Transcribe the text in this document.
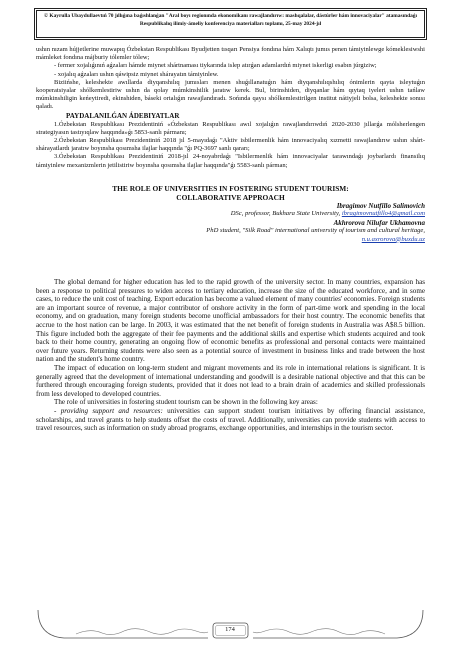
© Kayrulla Ubaydullaevtıń 70 jıllıǵına baǵıshlanǵan "Aral boyı regionında ekonomikanı rawajlandırıw: mashqalalar, dástúrler hám innovaciyalar" atamasındaǵı Respublikalıq ilimiy-ámeliy konferenciya materialları toplamı, 25-may 2024-jıl

ushın nızam hújjetlerine muwapıq Ózbekstan Respublikası Byudjetten tısqarı Pensiya fondına hám Xalıqtı jumıs penen támiyinlewge kómeklesiwshi mámleket fondına májburiy tólemler tólew;

- fermer xojalıǵınıń aǵzaları hámde miynet shártnaması tiykarında islep atırǵan adamlardıń miynet iskerligi esabın júrgiziw;

- xojalıq aǵzaları ushın qáwipsiz miynet shárayatın támiyinlew.

Biziińshe, keleshekte awıllarda diyqanshılıq jumısları menen shuǵıllanatuǵın hám diyqanshılıqshılıq ónimlerin qayta isleytuǵın kooperatsiyalar shólkemlestiriw ushın da qolay múmkinshilik jaratıw kerek. Bul, birinshiden, diyqanlar hám qıytaq iyeleri ushın tańlaw múmkinshiligin keńeytiredi, ekinshiden, báseki ortalıǵın rawajlandıradı. Sońında qaysı shólkemlestirilgen institut nátiyjeli bolsa, keleshekte sonısı qaladı.

PAYDALANILǴAN ÁDEBIYATLAR

1.Ózbekstan Respublikası Prezidentiniń «Ózbekstan Respublikası awıl xojalıǵın rawajlandırıwdıń 2020-2030 jıllarǵa mólsherlengen strategiyasın tastıyıqlaw haqqında»ǵı 5853-sanlı pármanı;

2.Ózbekstan Respublikası Prezidentiniń 2018 jıl 5-mayıdaǵı "Aktiv isbilermenlik hám innovaciyalıq xızmetti rawajlandırıw ushın shárt-shárayatlardı jaratıw boyınsha qosımsha ilajlar haqqında "ǵı PQ-3697 sanlı qararı;

3.Ózbekstan Respublikası Prezidentiniń 2018-jıl 24-noyabrdaǵı "Isbilermenlik hám innovaciyalar tarawındaǵı joybarlardı finansilıq támiyinlew mexanizmlerin jetilistiriw boyınsha qosımsha ilajlar haqqında"ǵı 5583-sanlı párman;

THE ROLE OF UNIVERSITIES IN FOSTERING STUDENT TOURISM:
COLLABORATIVE APPROACH

Ibragimov Nutfillo Salimovich

DSc, professor, Bukhara State University, ibragimovnutfillo4@gmail.com

Akhrorova Nilufar Ukhamovna

PhD student, "Silk Road" international university of tourism and cultural heritage,

n.u.axrorova@buxdu.uz

The global demand for higher education has led to the rapid growth of the university sector. In many countries, expansion has been a response to political pressures to widen access to tertiary education, increase the size of the educated workforce, and in some cases, to reduce the unit cost of teaching. Export education has become a valued element of many countries' economies. Foreign students are an important source of revenue, a major contributor of onshore activity in the form of part-time work and spending in the local economy, and on graduation, many foreign students become unofficial ambassadors for their host country. The economic benefits that accrue to the host nation can be large. In 2003, it was estimated that the net benefit of foreign students in Australia was A$8.5 billion. This figure included both the aggregate of their fee payments and the additional skills and expertise which students acquired and took back to their home country, generating an ongoing flow of economic benefits as professional and personal contacts were maintained over future years. Returning students were also seen as a potential source of investment in business links and trade between the host nation and the student's home country.

The impact of education on long-term student and migrant movements and its role in international relations is significant. It is generally agreed that the development of international understanding and goodwill is a desirable national objective and that this can be furthered through encouraging foreign students, provided that it does not lead to a brain drain of academics and skilled professionals from less developed to developed countries.

The role of universities in fostering student tourism can be shown in the following key areas:

- providing support and resources: universities can support student tourism initiatives by offering financial assistance, scholarships, and travel grants to help students offset the costs of travel. Additionally, universities can provide students with access to travel resources, such as information on study abroad programs, exchange opportunities, and internships in the tourism sector.

174
